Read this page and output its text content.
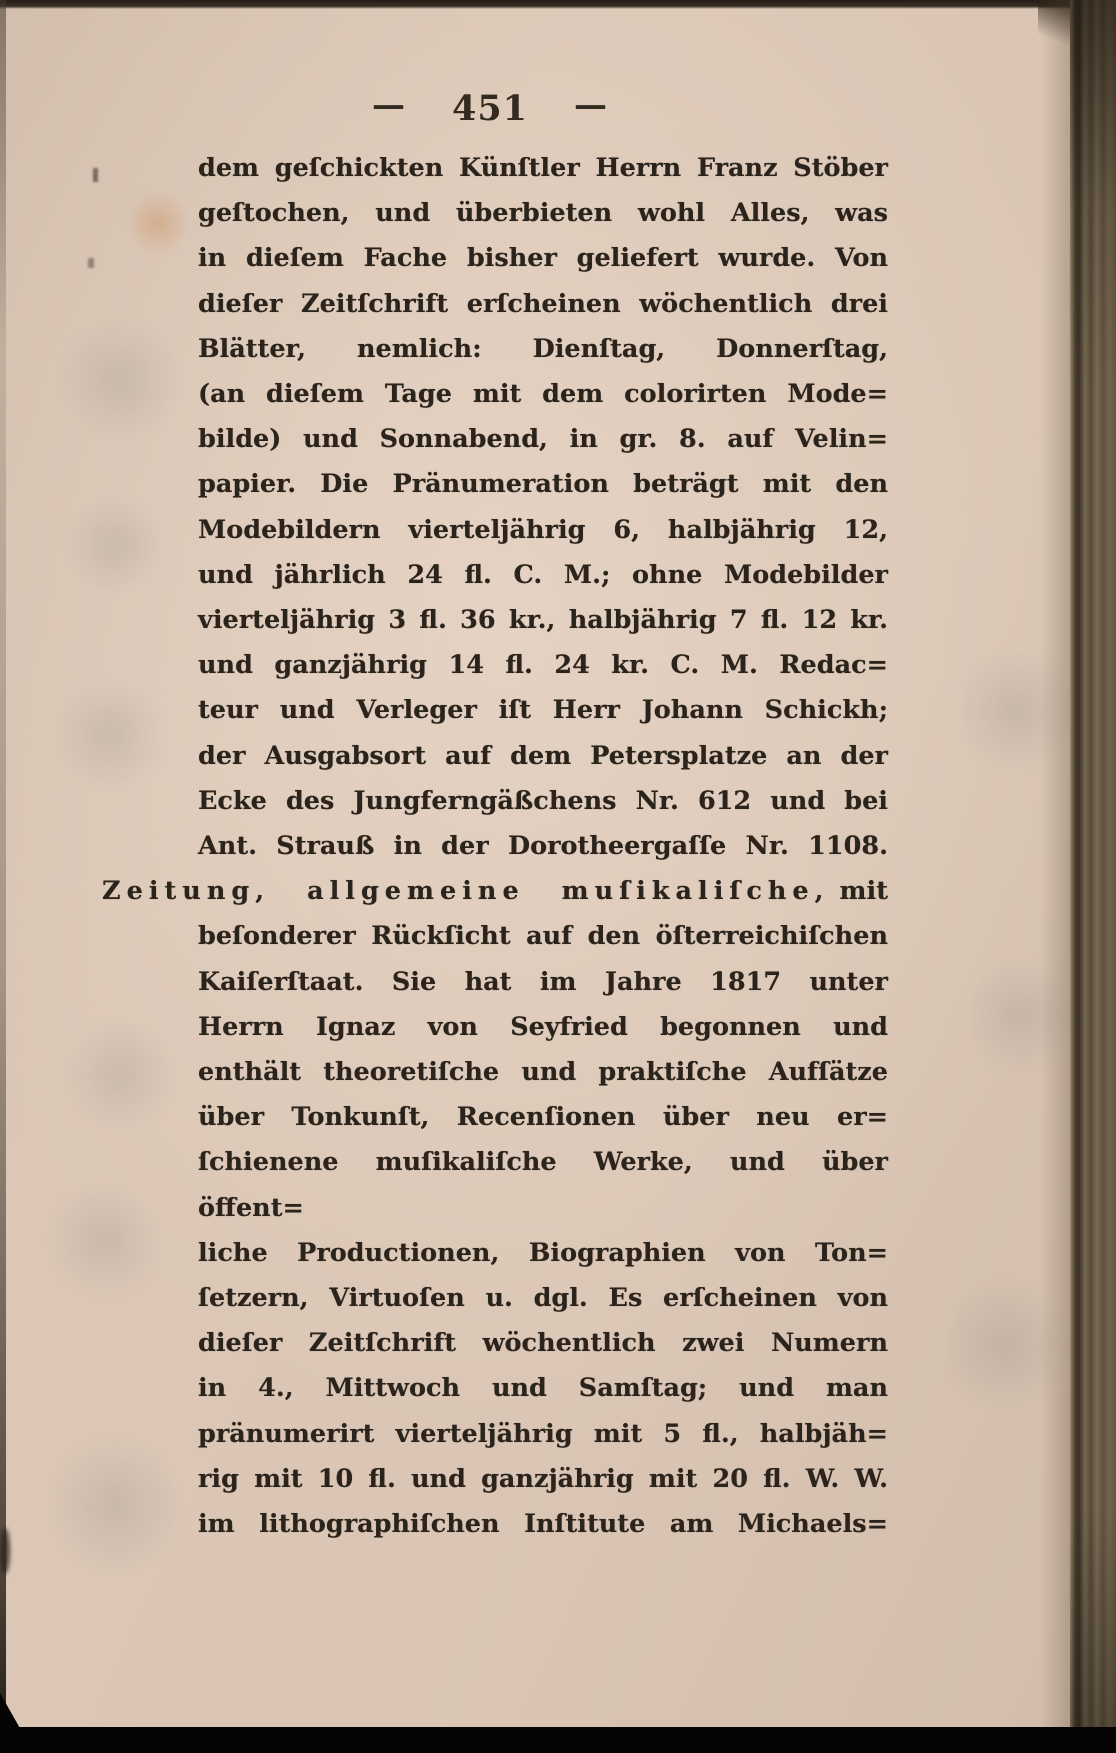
— 451 —
dem geſchickten Künſtler Herrn Franz Stöber
geſtochen, und überbieten wohl Alles, was
in dieſem Fache bisher geliefert wurde. Von
dieſer Zeitſchrift erſcheinen wöchentlich drei
Blätter, nemlich: Dienſtag, Donnerſtag,
(an dieſem Tage mit dem colorirten Mode=
bilde) und Sonnabend, in gr. 8. auf Velin=
papier. Die Pränumeration beträgt mit den
Modebildern vierteljährig 6, halbjährig 12,
und jährlich 24 fl. C. M.; ohne Modebilder
vierteljährig 3 fl. 36 kr., halbjährig 7 fl. 12 kr.
und ganzjährig 14 fl. 24 kr. C. M. Redac=
teur und Verleger iſt Herr Johann Schickh;
der Ausgabsort auf dem Petersplatze an der
Ecke des Jungferngäßchens Nr. 612 und bei
Ant. Strauß in der Dorotheergaſſe Nr. 1108.
Zeitung, allgemeine muſikaliſche, mit
beſonderer Rückſicht auf den öſterreichiſchen
Kaiſerſtaat. Sie hat im Jahre 1817 unter
Herrn Ignaz von Seyfried begonnen und
enthält theoretiſche und praktiſche Aufſätze
über Tonkunſt, Recenſionen über neu er=
ſchienene muſikaliſche Werke, und über öffent=
liche Productionen, Biographien von Ton=
ſetzern, Virtuoſen u. dgl. Es erſcheinen von
dieſer Zeitſchrift wöchentlich zwei Numern
in 4., Mittwoch und Samſtag; und man
pränumerirt vierteljährig mit 5 fl., halbjäh=
rig mit 10 fl. und ganzjährig mit 20 fl. W. W.
im lithographiſchen Inſtitute am Michaels=
